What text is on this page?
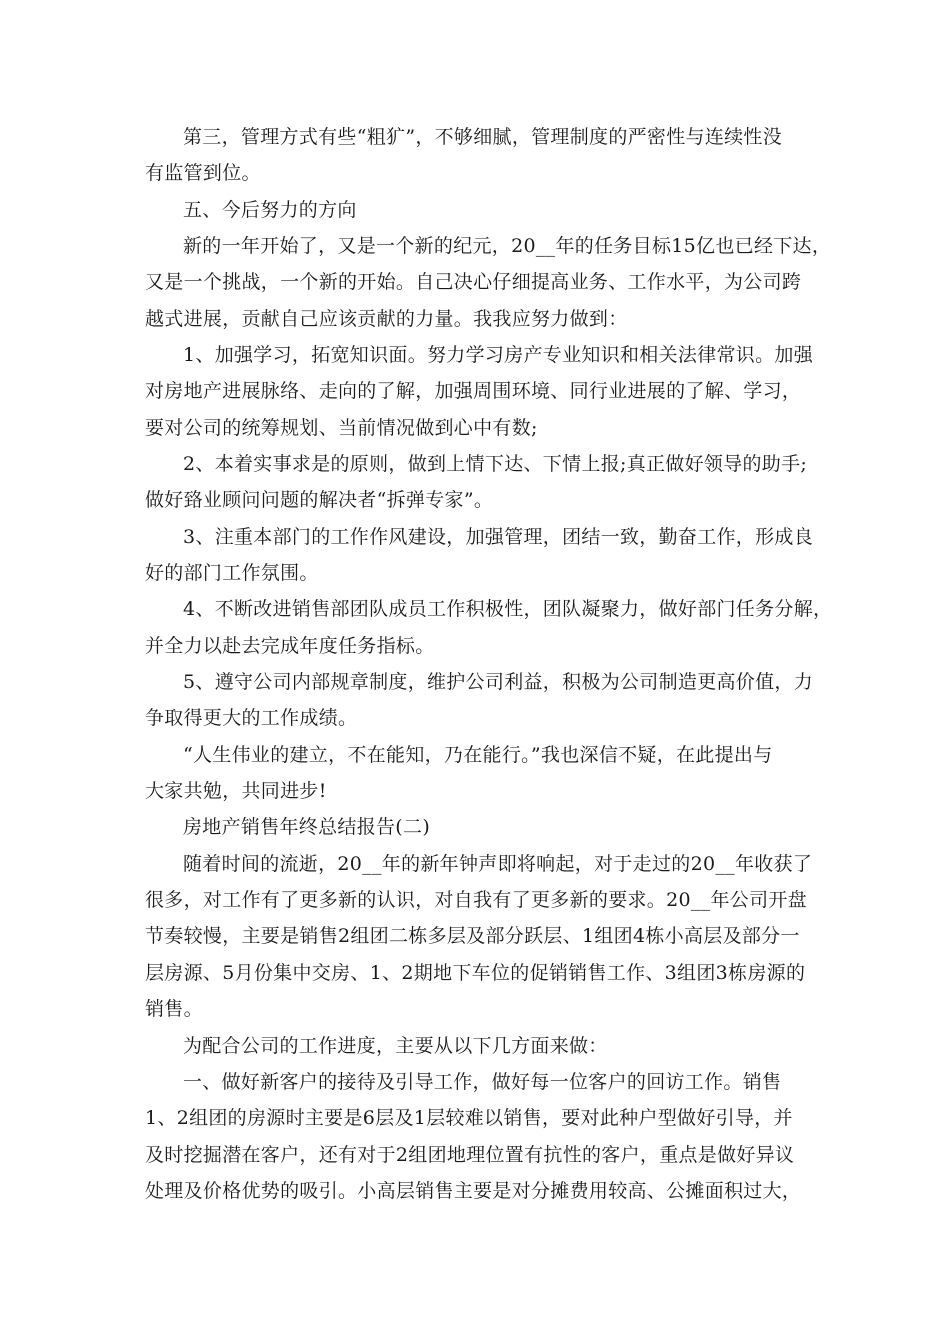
第三，管理方式有些“粗犷”，不够细腻，管理制度的严密性与连续性没
有监管到位。
五、今后努力的方向
新的一年开始了，又是一个新的纪元，20__年的任务目标15亿也已经下达，
又是一个挑战，一个新的开始。自己决心仔细提高业务、工作水平，为公司跨
越式进展，贡献自己应该贡献的力量。我我应努力做到：
1、加强学习，拓宽知识面。努力学习房产专业知识和相关法律常识。加强
对房地产进展脉络、走向的了解，加强周围环境、同行业进展的了解、学习，
要对公司的统筹规划、当前情况做到心中有数;
2、本着实事求是的原则，做到上情下达、下情上报;真正做好领导的助手;
做好臵业顾问问题的解决者“拆弹专家”。
3、注重本部门的工作作风建设，加强管理，团结一致，勤奋工作，形成良
好的部门工作氛围。
4、不断改进销售部团队成员工作积极性，团队凝聚力，做好部门任务分解，
并全力以赴去完成年度任务指标。
5、遵守公司内部规章制度，维护公司利益，积极为公司制造更高价值，力
争取得更大的工作成绩。
“人生伟业的建立，不在能知，乃在能行。”我也深信不疑，在此提出与
大家共勉，共同进步!
房地产销售年终总结报告(二)
随着时间的流逝，20__年的新年钟声即将响起，对于走过的20__年收获了
很多，对工作有了更多新的认识，对自我有了更多新的要求。20__年公司开盘
节奏较慢，主要是销售2组团二栋多层及部分跃层、1组团4栋小高层及部分一
层房源、5月份集中交房、1、2期地下车位的促销销售工作、3组团3栋房源的
销售。
为配合公司的工作进度，主要从以下几方面来做：
一、做好新客户的接待及引导工作，做好每一位客户的回访工作。销售
1、2组团的房源时主要是6层及1层较难以销售，要对此种户型做好引导，并
及时挖掘潜在客户，还有对于2组团地理位置有抗性的客户，重点是做好异议
处理及价格优势的吸引。小高层销售主要是对分摊费用较高、公摊面积过大，
